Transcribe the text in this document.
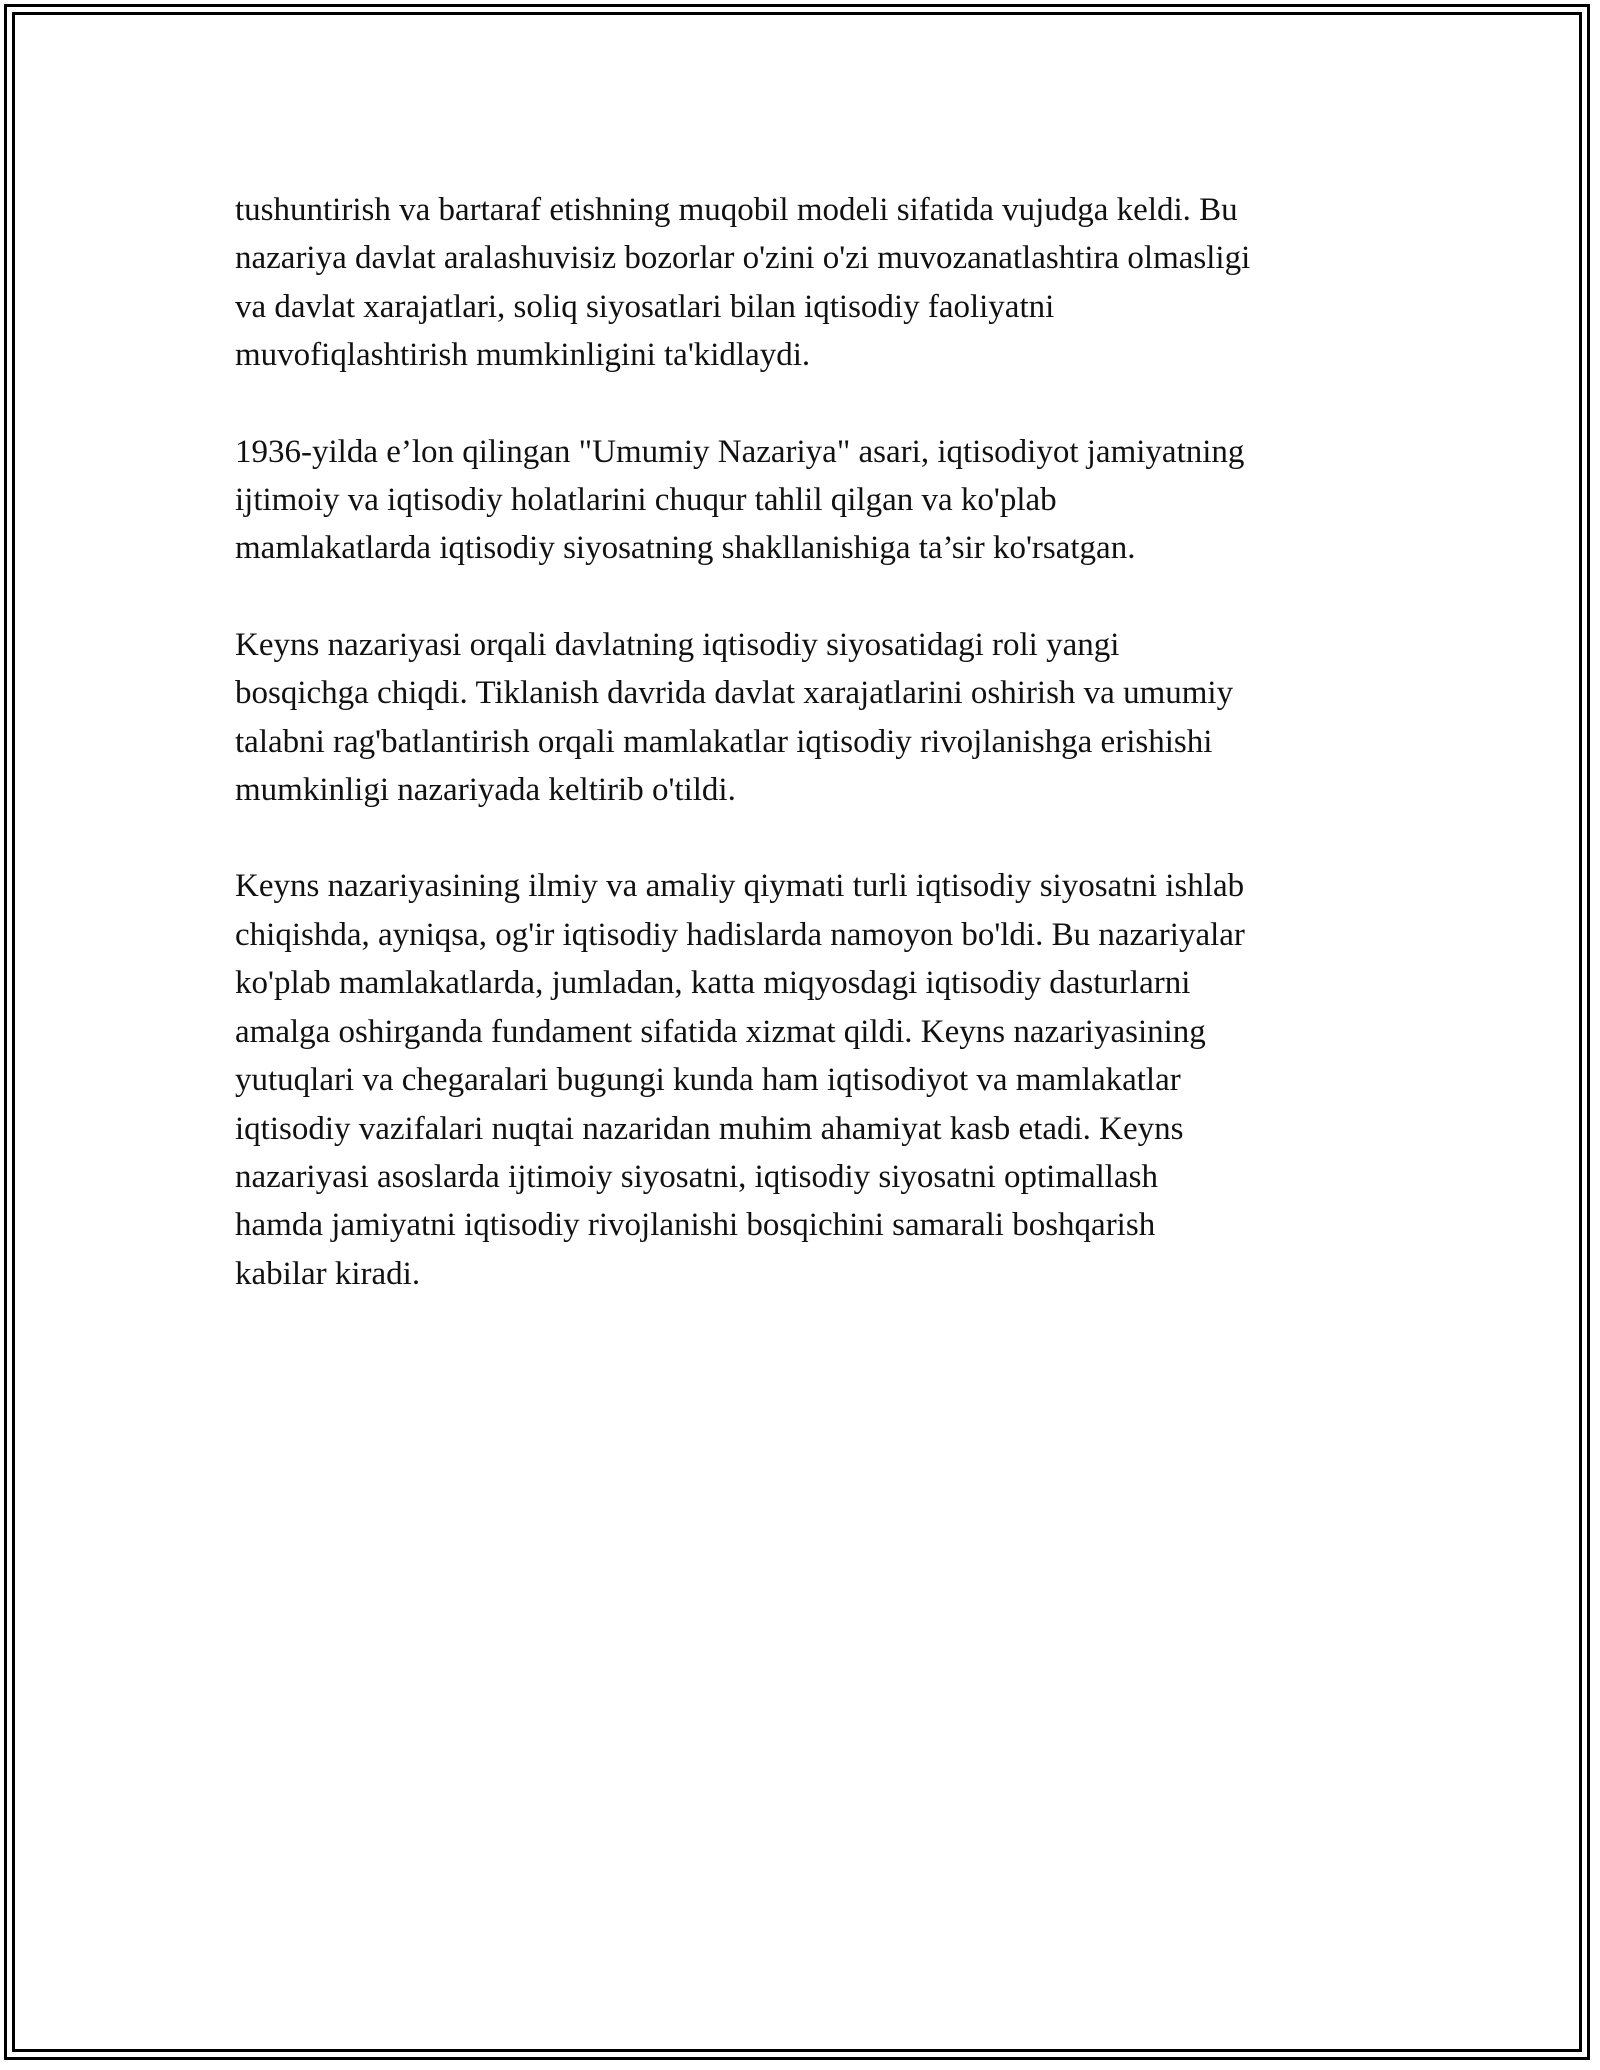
tushuntirish va bartaraf etishning muqobil modeli sifatida vujudga keldi. Bu
nazariya davlat aralashuvisiz bozorlar o'zini o'zi muvozanatlashtira olmasligi
va davlat xarajatlari, soliq siyosatlari bilan iqtisodiy faoliyatni
muvofiqlashtirish mumkinligini ta'kidlaydi.

1936-yilda e’lon qilingan "Umumiy Nazariya" asari, iqtisodiyot jamiyatning
ijtimoiy va iqtisodiy holatlarini chuqur tahlil qilgan va ko'plab
mamlakatlarda iqtisodiy siyosatning shakllanishiga ta’sir ko'rsatgan.

Keyns nazariyasi orqali davlatning iqtisodiy siyosatidagi roli yangi
bosqichga chiqdi. Tiklanish davrida davlat xarajatlarini oshirish va umumiy
talabni rag'batlantirish orqali mamlakatlar iqtisodiy rivojlanishga erishishi
mumkinligi nazariyada keltirib o'tildi.

Keyns nazariyasining ilmiy va amaliy qiymati turli iqtisodiy siyosatni ishlab
chiqishda, ayniqsa, og'ir iqtisodiy hadislarda namoyon bo'ldi. Bu nazariyalar
ko'plab mamlakatlarda, jumladan, katta miqyosdagi iqtisodiy dasturlarni
amalga oshirganda fundament sifatida xizmat qildi. Keyns nazariyasining
yutuqlari va chegaralari bugungi kunda ham iqtisodiyot va mamlakatlar
iqtisodiy vazifalari nuqtai nazaridan muhim ahamiyat kasb etadi. Keyns
nazariyasi asoslarda ijtimoiy siyosatni, iqtisodiy siyosatni optimallash
hamda jamiyatni iqtisodiy rivojlanishi bosqichini samarali boshqarish
kabilar kiradi.
